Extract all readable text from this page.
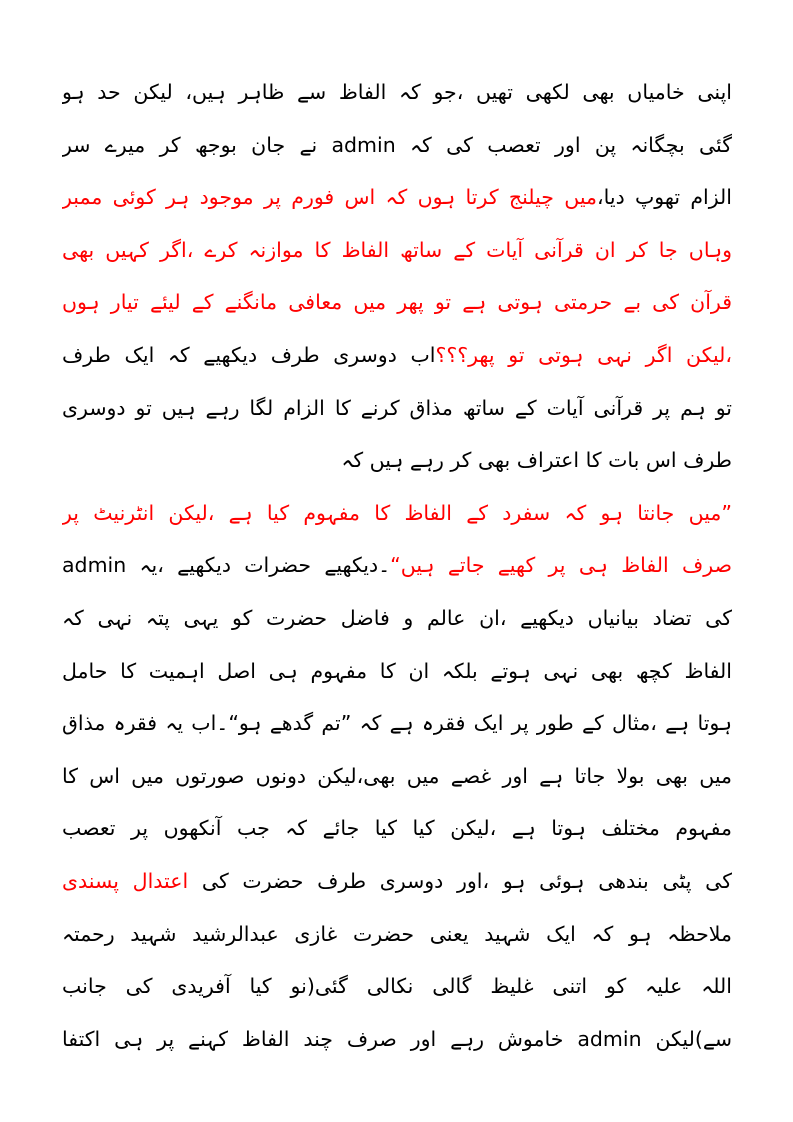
اپنی خامیاں بھی لکھی تھیں ،جو کہ الفاظ سے ظاہر ہیں، لیکن حد ہو
گئی بچگانہ پن اور تعصب کی کہ admin نے جان بوجھ کر میرے سر
الزام تھوپ دیا،میں چیلنج کرتا ہوں کہ اس فورم پر موجود ہر کوئی ممبر
وہاں جا کر ان قرآنی آیات کے ساتھ الفاظ کا موازنہ کرے ،اگر کہیں بھی
قرآن کی بے حرمتی ہوتی ہے تو پھر میں معافی مانگنے کے لیئے تیار ہوں
،لیکن اگر نہی ہوتی تو پھر؟؟؟اب دوسری طرف دیکھیے کہ ایک طرف
تو ہم پر قرآنی آیات کے ساتھ مذاق کرنے کا الزام لگا رہے ہیں تو دوسری
طرف اس بات کا اعتراف بھی کر رہے ہیں کہ
”میں جانتا ہو کہ سفرد کے الفاظ کا مفہوم کیا ہے ،لیکن انٹرنیٹ پر
صرف الفاظ ہی پر کھیے جاتے ہیں“۔دیکھیے حضرات دیکھیے ،یہ admin
کی تضاد بیانیاں دیکھیے ،ان عالم و فاضل حضرت کو یہی پتہ نہی کہ
الفاظ کچھ بھی نہی ہوتے بلکہ ان کا مفہوم ہی اصل اہمیت کا حامل
ہوتا ہے ،مثال کے طور پر ایک فقرہ ہے کہ ”تم گدھے ہو“۔اب یہ فقرہ مذاق
میں بھی بولا جاتا ہے اور غصے میں بھی،لیکن دونوں صورتوں میں اس کا
مفہوم مختلف ہوتا ہے ،لیکن کیا کیا جائے کہ جب آنکھوں پر تعصب
کی پٹی بندھی ہوئی ہو ،اور دوسری طرف حضرت کی اعتدال پسندی
ملاحظہ ہو کہ ایک شہید یعنی حضرت غازی عبدالرشید شہید رحمتہ
اللہ علیہ کو اتنی غلیظ گالی نکالی گئی(نو کیا آفریدی کی جانب
سے)لیکن admin خاموش رہے اور صرف چند الفاظ کہنے پر ہی اکتفا
